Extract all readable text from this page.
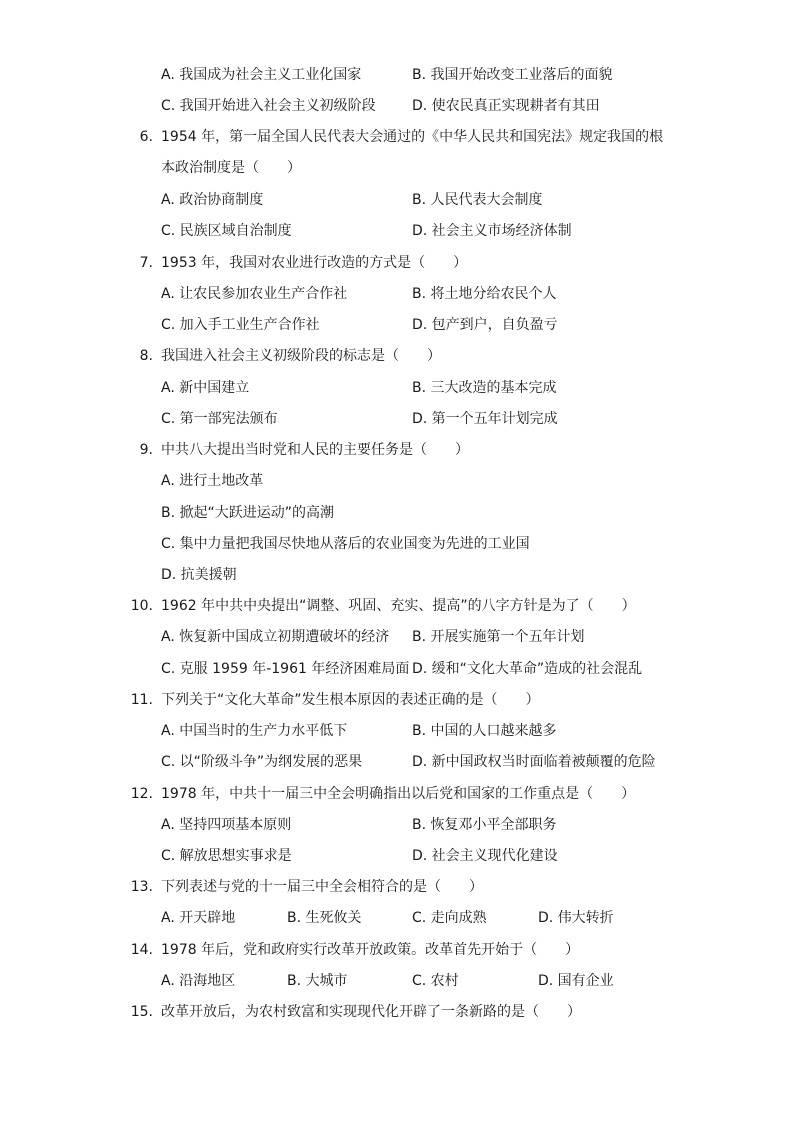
A. 我国成为社会主义工业化国家	B. 我国开始改变工业落后的面貌
C. 我国开始进入社会主义初级阶段	D. 使农民真正实现耕者有其田
6. 1954 年，第一届全国人民代表大会通过的《中华人民共和国宪法》规定我国的根
本政治制度是（　　）
A. 政治协商制度	B. 人民代表大会制度
C. 民族区域自治制度	D. 社会主义市场经济体制
7. 1953 年，我国对农业进行改造的方式是（　　）
A. 让农民参加农业生产合作社	B. 将土地分给农民个人
C. 加入手工业生产合作社	D. 包产到户，自负盈亏
8. 我国进入社会主义初级阶段的标志是（　　）
A. 新中国建立	B. 三大改造的基本完成
C. 第一部宪法颁布	D. 第一个五年计划完成
9. 中共八大提出当时党和人民的主要任务是（　　）
A. 进行土地改革
B. 掀起“大跃进运动”的高潮
C. 集中力量把我国尽快地从落后的农业国变为先进的工业国
D. 抗美援朝
10. 1962 年中共中央提出“调整、巩固、充实、提高”的八字方针是为了（　　）
A. 恢复新中国成立初期遭破坏的经济 B. 开展实施第一个五年计划
C. 克服 1959 年-1961 年经济困难局面 D. 缓和“文化大革命”造成的社会混乱
11. 下列关于“文化大革命”发生根本原因的表述正确的是（　　）
A. 中国当时的生产力水平低下	B. 中国的人口越来越多
C. 以“阶级斗争”为纲发展的恶果	D. 新中国政权当时面临着被颠覆的危险
12. 1978 年，中共十一届三中全会明确指出以后党和国家的工作重点是（　　）
A. 坚持四项基本原则	B. 恢复邓小平全部职务
C. 解放思想实事求是	D. 社会主义现代化建设
13. 下列表述与党的十一届三中全会相符合的是（　　）
A. 开天辟地	B. 生死攸关	C. 走向成熟	D. 伟大转折
14. 1978 年后，党和政府实行改革开放政策。改革首先开始于（　　）
A. 沿海地区	B. 大城市	C. 农村	D. 国有企业
15. 改革开放后，为农村致富和实现现代化开辟了一条新路的是（　　）
